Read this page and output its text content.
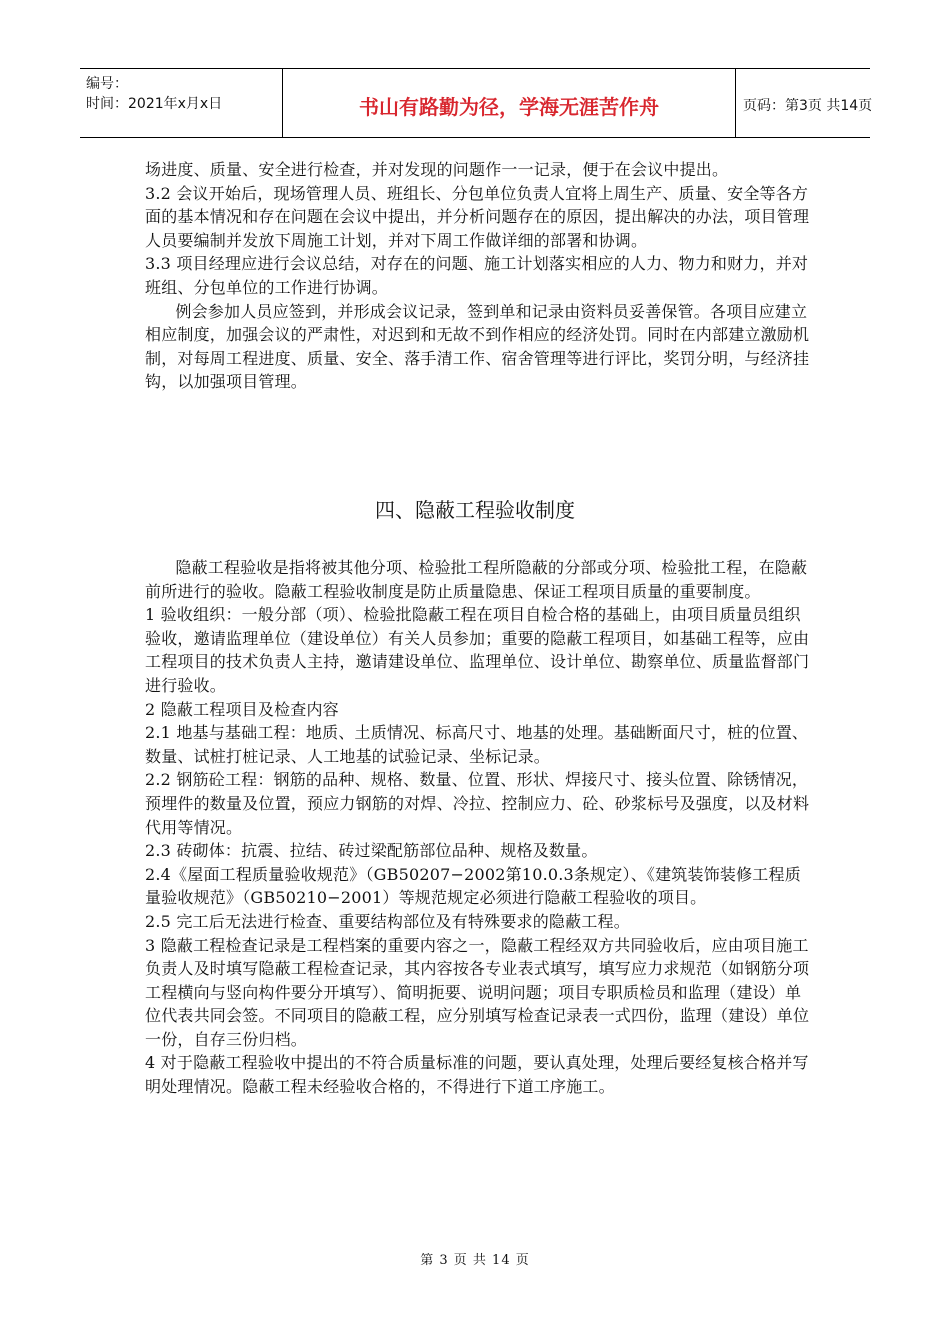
编号：
时间：2021年x月x日	书山有路勤为径，学海无涯苦作舟	页码：第3页 共14页

场进度、质量、安全进行检查，并对发现的问题作一一记录，便于在会议中提出。

3.2 会议开始后，现场管理人员、班组长、分包单位负责人宜将上周生产、质量、安全等各方面的基本情况和存在问题在会议中提出，并分析问题存在的原因，提出解决的办法，项目管理人员要编制并发放下周施工计划，并对下周工作做详细的部署和协调。

3.3 项目经理应进行会议总结，对存在的问题、施工计划落实相应的人力、物力和财力，并对班组、分包单位的工作进行协调。

例会参加人员应签到，并形成会议记录，签到单和记录由资料员妥善保管。各项目应建立相应制度，加强会议的严肃性，对迟到和无故不到作相应的经济处罚。同时在内部建立激励机制，对每周工程进度、质量、安全、落手清工作、宿舍管理等进行评比，奖罚分明，与经济挂钩，以加强项目管理。

四、隐蔽工程验收制度

隐蔽工程验收是指将被其他分项、检验批工程所隐蔽的分部或分项、检验批工程，在隐蔽前所进行的验收。隐蔽工程验收制度是防止质量隐患、保证工程项目质量的重要制度。

1 验收组织：一般分部（项）、检验批隐蔽工程在项目自检合格的基础上，由项目质量员组织验收，邀请监理单位（建设单位）有关人员参加；重要的隐蔽工程项目，如基础工程等，应由工程项目的技术负责人主持，邀请建设单位、监理单位、设计单位、勘察单位、质量监督部门进行验收。

2 隐蔽工程项目及检查内容

2.1 地基与基础工程：地质、土质情况、标高尺寸、地基的处理。基础断面尺寸，桩的位置、数量、试桩打桩记录、人工地基的试验记录、坐标记录。

2.2 钢筋砼工程：钢筋的品种、规格、数量、位置、形状、焊接尺寸、接头位置、除锈情况，预埋件的数量及位置，预应力钢筋的对焊、冷拉、控制应力、砼、砂浆标号及强度，以及材料代用等情况。

2.3 砖砌体：抗震、拉结、砖过梁配筋部位品种、规格及数量。

2.4《屋面工程质量验收规范》（GB50207−2002第10.0.3条规定）、《建筑装饰装修工程质量验收规范》（GB50210−2001）等规范规定必须进行隐蔽工程验收的项目。

2.5 完工后无法进行检查、重要结构部位及有特殊要求的隐蔽工程。

3 隐蔽工程检查记录是工程档案的重要内容之一，隐蔽工程经双方共同验收后，应由项目施工负责人及时填写隐蔽工程检查记录，其内容按各专业表式填写，填写应力求规范（如钢筋分项工程横向与竖向构件要分开填写）、简明扼要、说明问题；项目专职质检员和监理（建设）单位代表共同会签。不同项目的隐蔽工程，应分别填写检查记录表一式四份，监理（建设）单位一份，自存三份归档。

4 对于隐蔽工程验收中提出的不符合质量标准的问题，要认真处理，处理后要经复核合格并写明处理情况。隐蔽工程未经验收合格的，不得进行下道工序施工。

第 3 页 共 14 页
